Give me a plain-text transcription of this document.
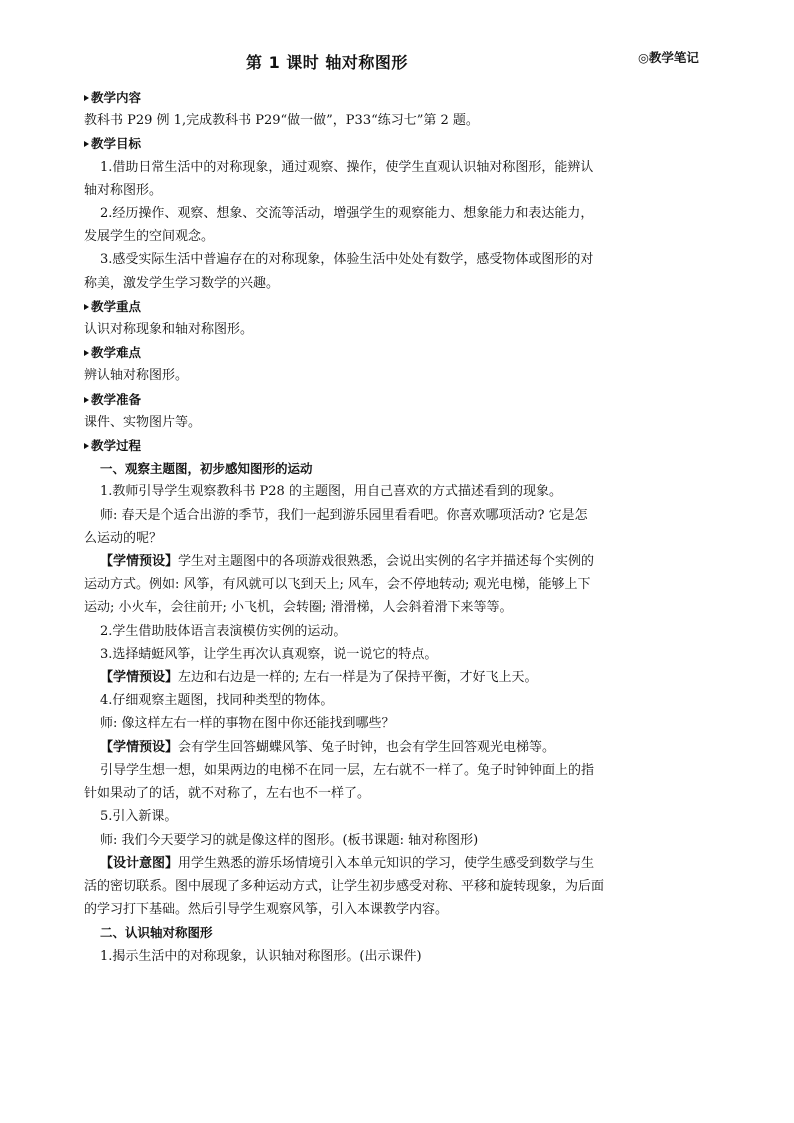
第 1 课时 轴对称图形	◎教学笔记
教学内容
教科书 P29 例 1,完成教科书 P29“做一做”，P33“练习七”第 2 题。
教学目标
1.借助日常生活中的对称现象，通过观察、操作，使学生直观认识轴对称图形，能辨认
轴对称图形。
2.经历操作、观察、想象、交流等活动，增强学生的观察能力、想象能力和表达能力，
发展学生的空间观念。
3.感受实际生活中普遍存在的对称现象，体验生活中处处有数学，感受物体或图形的对
称美，激发学生学习数学的兴趣。
教学重点
认识对称现象和轴对称图形。
教学难点
辨认轴对称图形。
教学准备
课件、实物图片等。
教学过程
一、观察主题图，初步感知图形的运动
1.教师引导学生观察教科书 P28 的主题图，用自己喜欢的方式描述看到的现象。
师: 春天是个适合出游的季节，我们一起到游乐园里看看吧。你喜欢哪项活动? 它是怎
么运动的呢？
【学情预设】学生对主题图中的各项游戏很熟悉，会说出实例的名字并描述每个实例的
运动方式。例如: 风筝，有风就可以飞到天上; 风车，会不停地转动; 观光电梯，能够上下
运动; 小火车，会往前开; 小飞机，会转圈; 滑滑梯，人会斜着滑下来等等。
2.学生借助肢体语言表演模仿实例的运动。
3.选择蜻蜓风筝，让学生再次认真观察，说一说它的特点。
【学情预设】左边和右边是一样的; 左右一样是为了保持平衡，才好飞上天。
4.仔细观察主题图，找同种类型的物体。
师: 像这样左右一样的事物在图中你还能找到哪些？
【学情预设】会有学生回答蝴蝶风筝、兔子时钟，也会有学生回答观光电梯等。
引导学生想一想，如果两边的电梯不在同一层，左右就不一样了。兔子时钟钟面上的指
针如果动了的话，就不对称了，左右也不一样了。
5.引入新课。
师: 我们今天要学习的就是像这样的图形。(板书课题: 轴对称图形)
【设计意图】用学生熟悉的游乐场情境引入本单元知识的学习，使学生感受到数学与生
活的密切联系。图中展现了多种运动方式，让学生初步感受对称、平移和旋转现象，为后面
的学习打下基础。然后引导学生观察风筝，引入本课教学内容。
二、认识轴对称图形
1.揭示生活中的对称现象，认识轴对称图形。(出示课件)
